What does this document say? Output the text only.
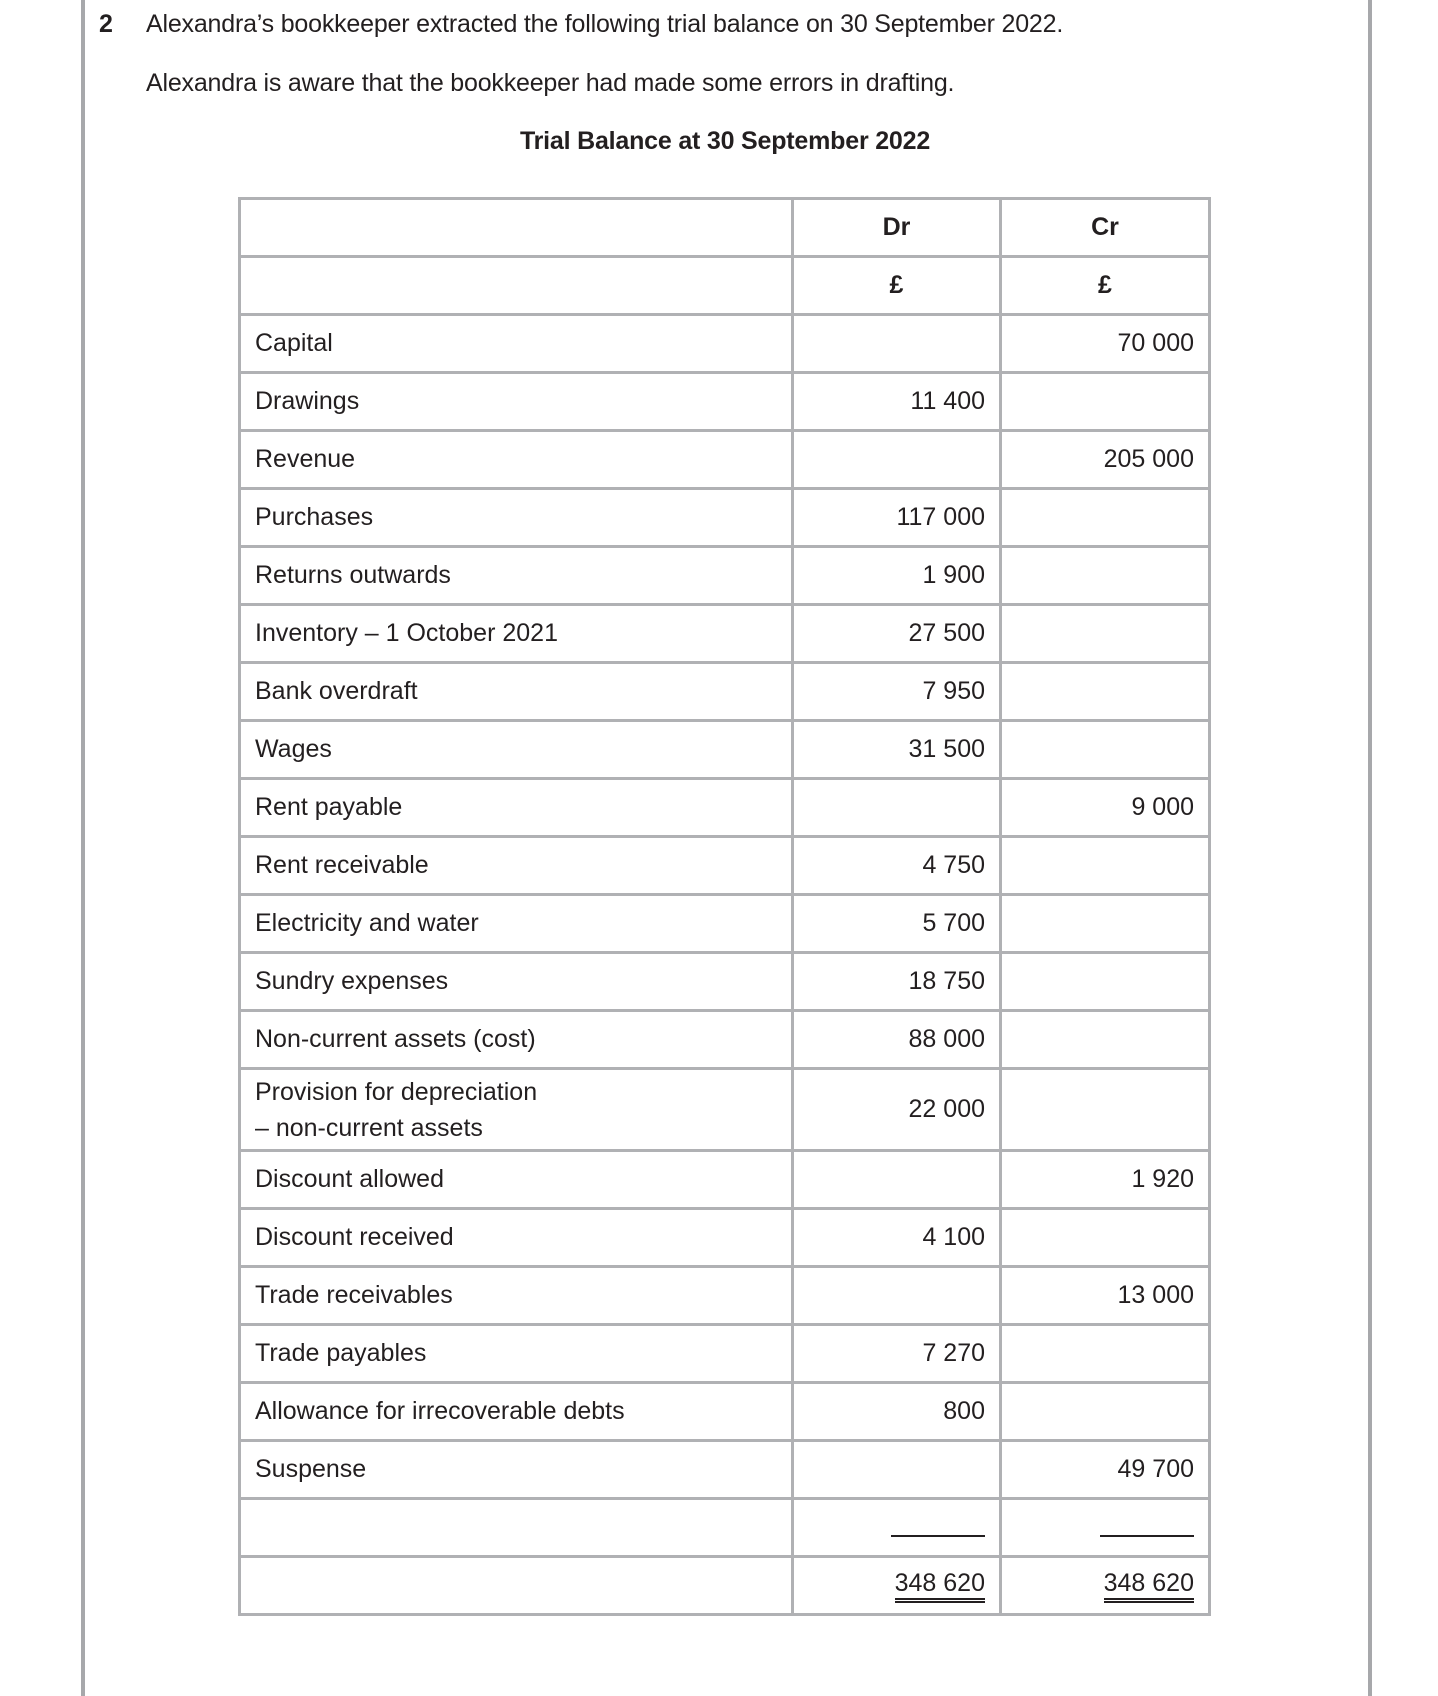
2 Alexandra’s bookkeeper extracted the following trial balance on 30 September 2022.
Alexandra is aware that the bookkeeper had made some errors in drafting.
Trial Balance at 30 September 2022
	Dr	Cr
	£	£
Capital		70 000
Drawings	11 400	
Revenue		205 000
Purchases	117 000	
Returns outwards	1 900	
Inventory – 1 October 2021	27 500	
Bank overdraft	7 950	
Wages	31 500	
Rent payable		9 000
Rent receivable	4 750	
Electricity and water	5 700	
Sundry expenses	18 750	
Non-current assets (cost)	88 000	

Provision for depreciation
– non-current assets	22 000	
Discount allowed		1 920
Discount received	4 100	
Trade receivables		13 000
Trade payables	7 270	
Allowance for irrecoverable debts	800	
Suspense		49 700

	348 620	348 620
